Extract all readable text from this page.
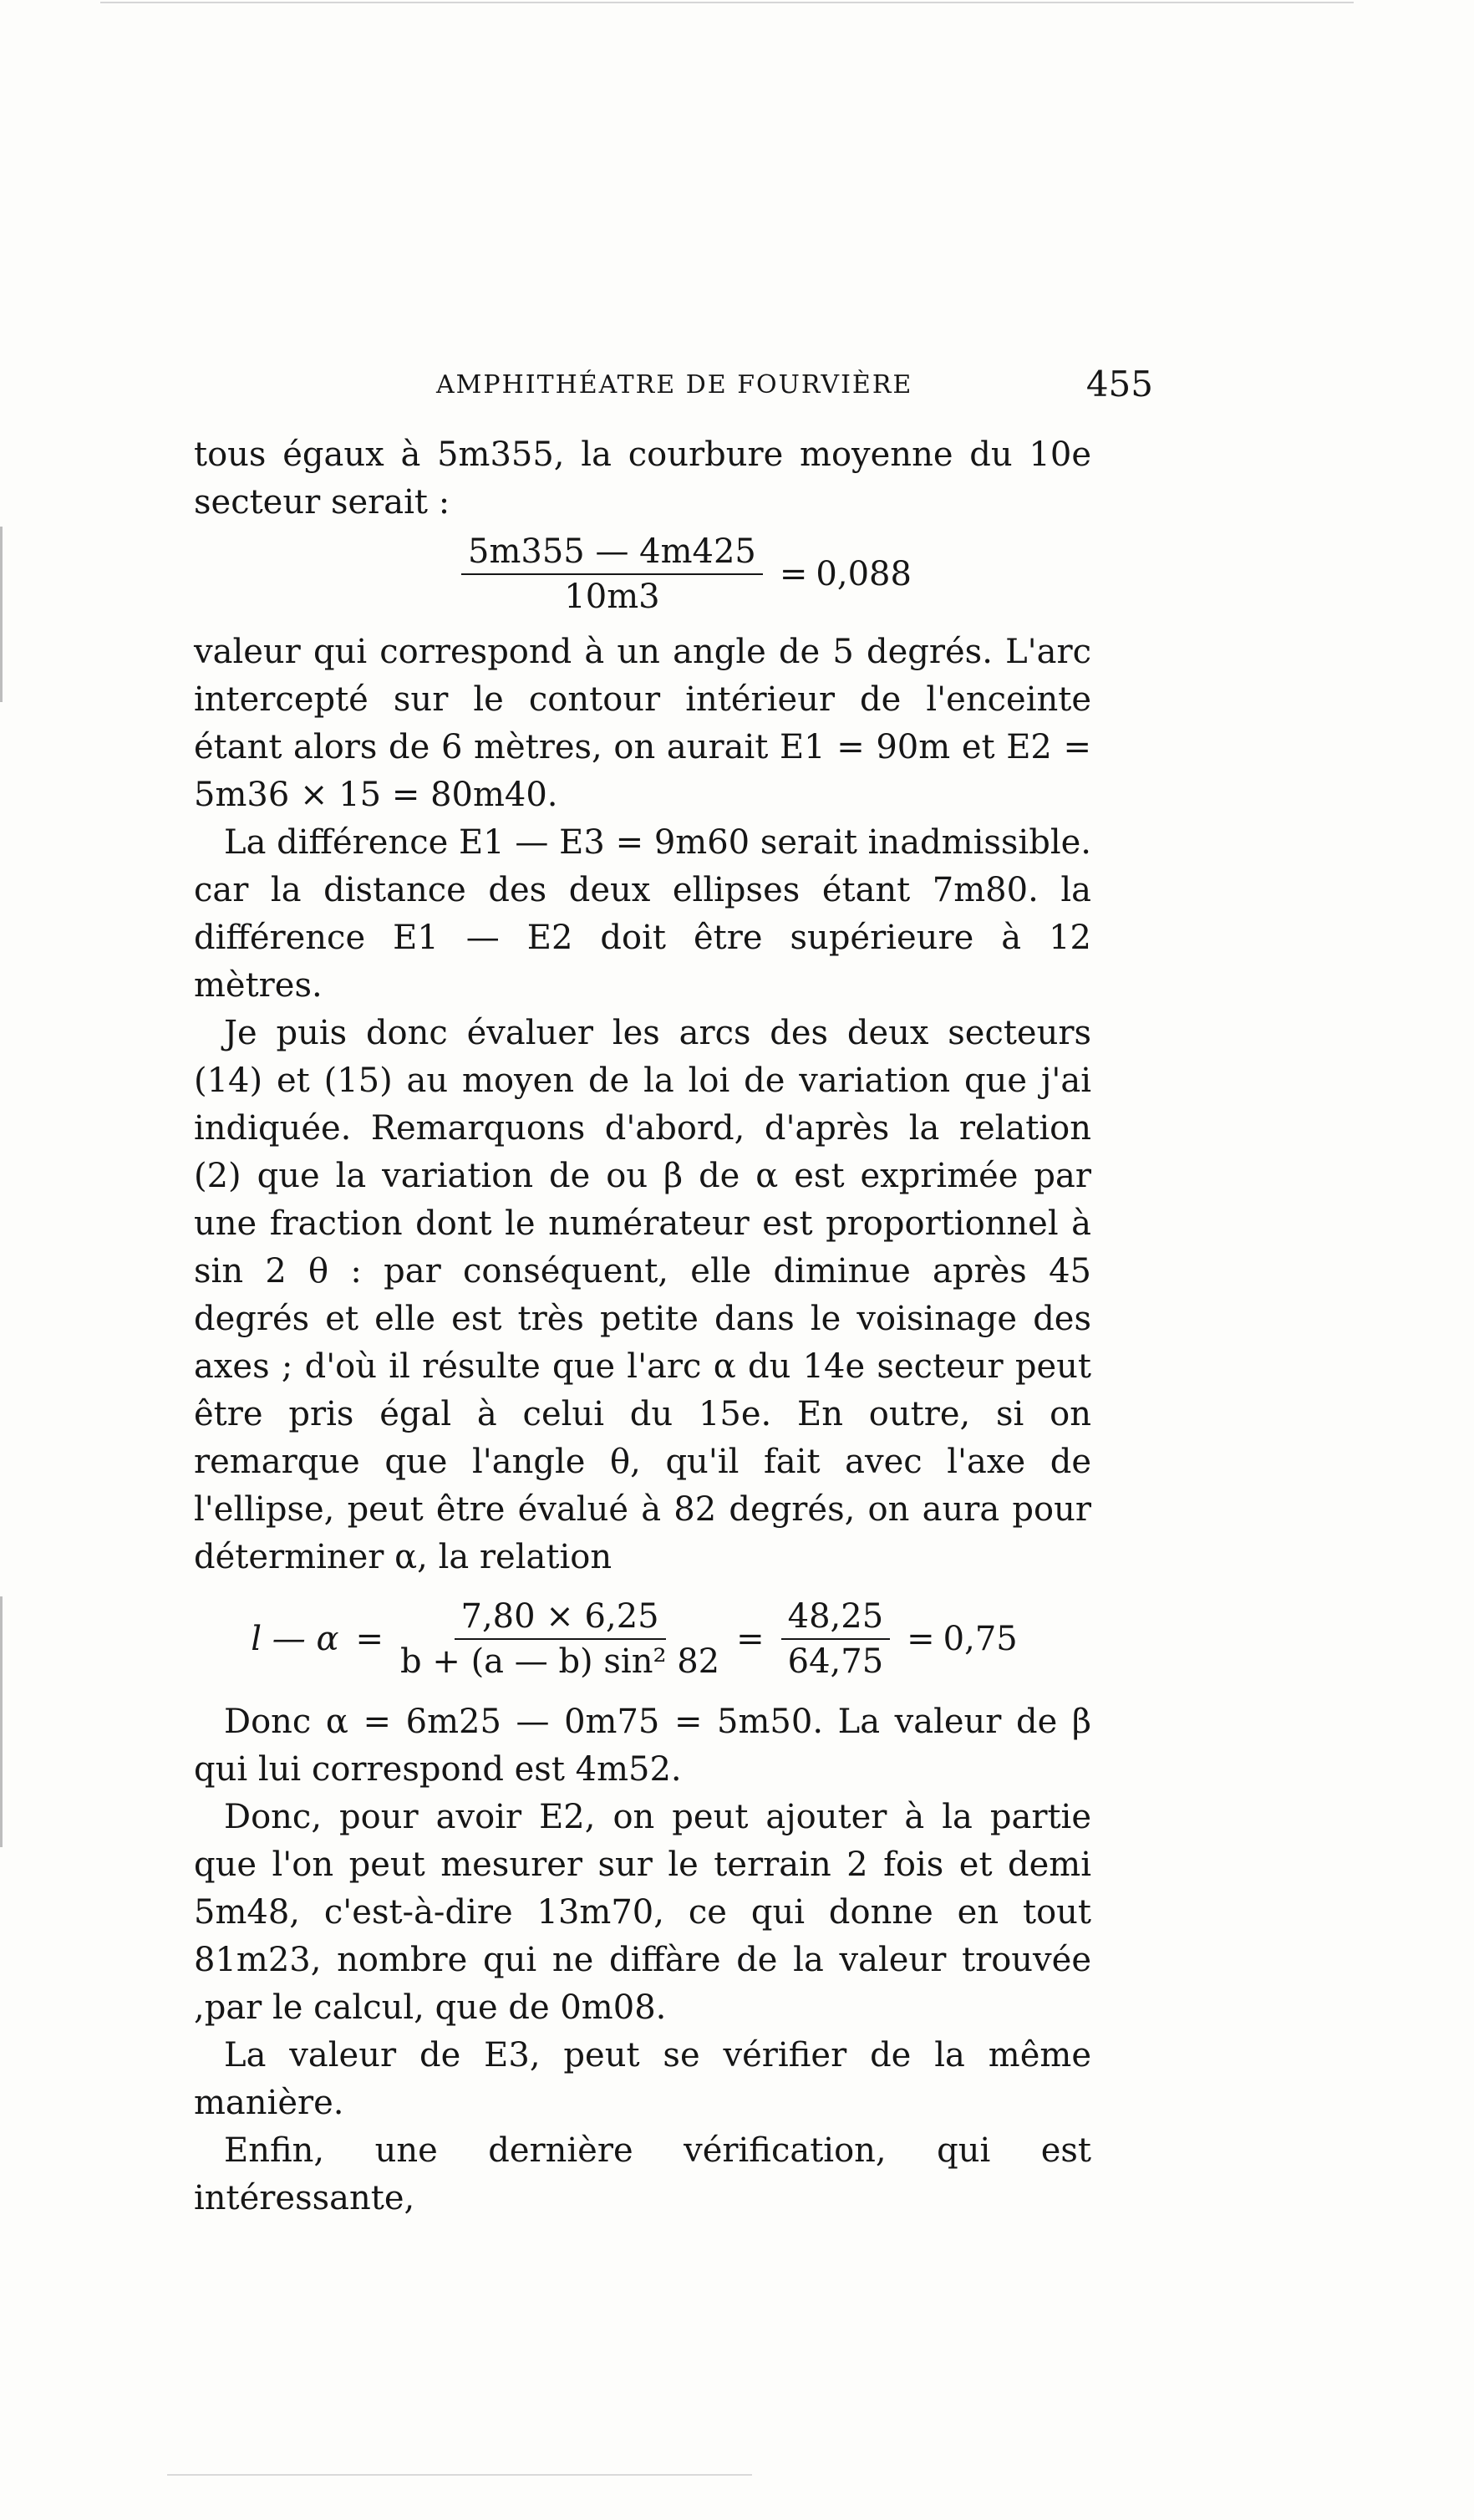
AMPHITHÉATRE DE FOURVIÈRE	455

tous égaux à 5m355, la courbure moyenne du 10e secteur serait :

$\frac{5m355 — 4m425}{10m3} = 0,088$

valeur qui correspond à un angle de 5 degrés. L'arc intercepté sur le contour intérieur de l'enceinte étant alors de 6 mètres, on aurait E1 = 90m et E2 = 5m36 × 15 = 80m40.

La différence E1 — E3 = 9m60 serait inadmissible. car la distance des deux ellipses étant 7m80. la différence E1 — E2 doit être supérieure à 12 mètres.

Je puis donc évaluer les arcs des deux secteurs (14) et (15) au moyen de la loi de variation que j'ai indiquée. Remarquons d'abord, d'après la relation (2) que la variation de ou β de α est exprimée par une fraction dont le numérateur est proportionnel à sin 2 θ : par conséquent, elle diminue après 45 degrés et elle est très petite dans le voisinage des axes ; d'où il résulte que l'arc α du 14e secteur peut être pris égal à celui du 15e. En outre, si on remarque que l'angle θ, qu'il fait avec l'axe de l'ellipse, peut être évalué à 82 degrés, on aura pour déterminer α, la relation

l — $\alpha = \frac{7,80 \times 6,25}{\text{b + (a — b) sin² 82}} = \frac{48,25}{64,75} = 0,75$

Donc α = 6m25 — 0m75 = 5m50. La valeur de β qui lui correspond est 4m52.

Donc, pour avoir E2, on peut ajouter à la partie que l'on peut mesurer sur le terrain 2 fois et demi 5m48, c'est-à-dire 13m70, ce qui donne en tout 81m23, nombre qui ne diffàre de la valeur trouvée ,par le calcul, que de 0m08.

La valeur de E3, peut se vérifier de la même manière.

Enfin, une dernière vérification, qui est intéressante,
